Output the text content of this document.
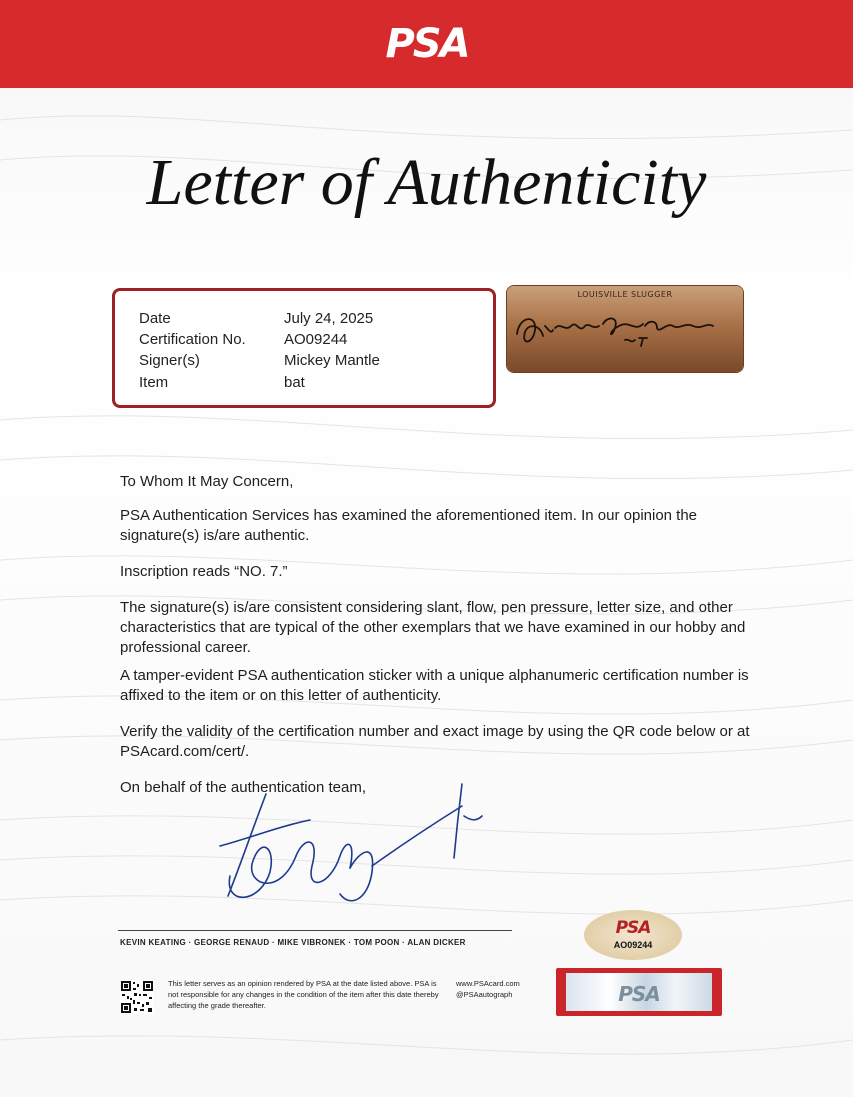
PSA
Letter of Authenticity
Date	July 24, 2025
Certification No.	AO09244
Signer(s)	Mickey Mantle
Item	bat
LOUISVILLE SLUGGER
To Whom It May Concern,
PSA Authentication Services has examined the aforementioned item. In our opinion the signature(s) is/are authentic.
Inscription reads “NO. 7.”
The signature(s) is/are consistent considering slant, flow, pen pressure, letter size, and other characteristics that are typical of the other exemplars that we have examined in our hobby and professional career.
A tamper-evident PSA authentication sticker with a unique alphanumeric certification number is affixed to the item or on this letter of authenticity.
Verify the validity of the certification number and exact image by using the QR code below or at PSAcard.com/cert/.
On behalf of the authentication team,
KEVIN KEATING · GEORGE RENAUD · MIKE VIBRONEK · TOM POON · ALAN DICKER
This letter serves as an opinion rendered by PSA at the date listed above. PSA is not responsible for any changes in the condition of the item after this date thereby affecting the grade thereafter.
www.PSAcard.com
@PSAautograph
PSA
AO09244
PSA
